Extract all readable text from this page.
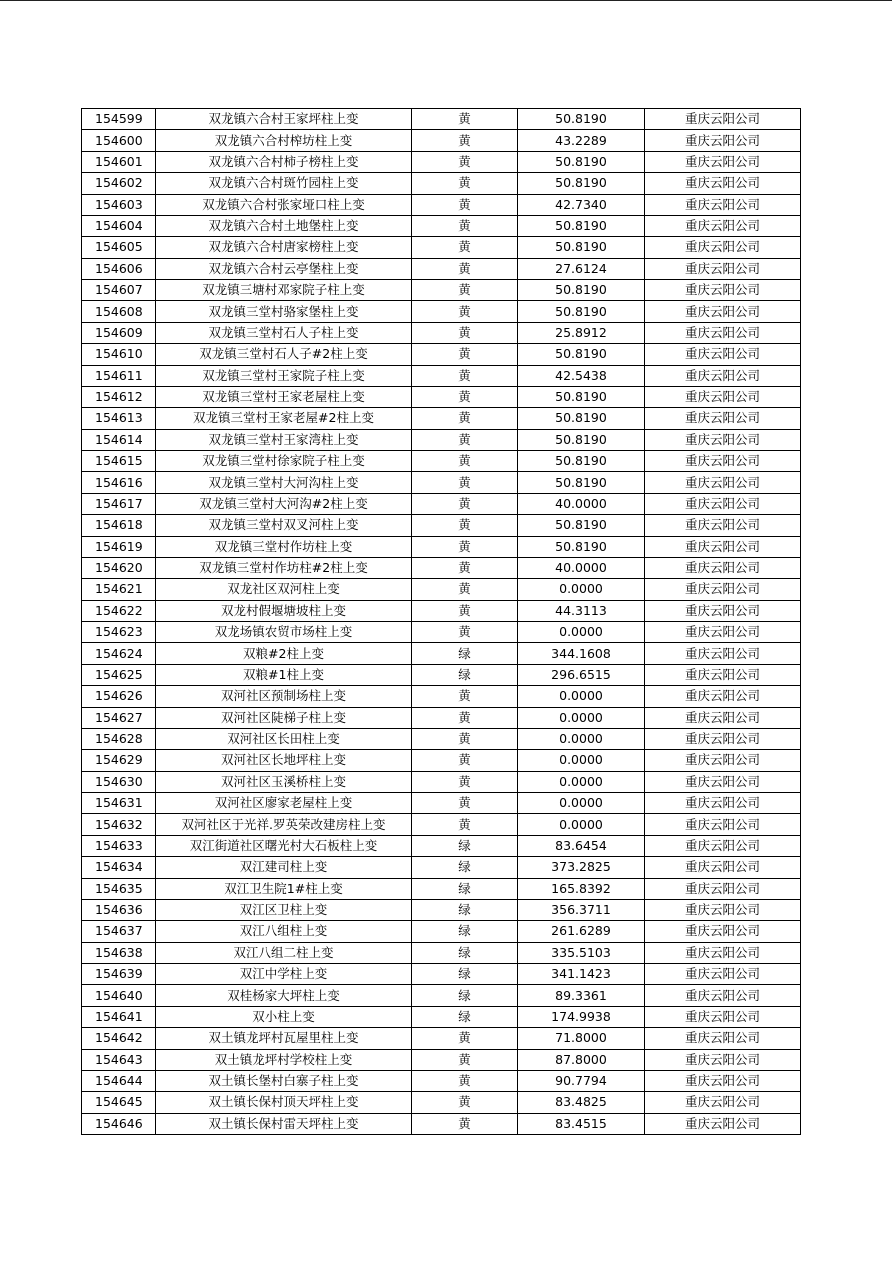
154599	双龙镇六合村王家坪柱上变	黄	50.8190	重庆云阳公司
154600	双龙镇六合村榨坊柱上变	黄	43.2289	重庆云阳公司
154601	双龙镇六合村柿子榜柱上变	黄	50.8190	重庆云阳公司
154602	双龙镇六合村斑竹园柱上变	黄	50.8190	重庆云阳公司
154603	双龙镇六合村张家垭口柱上变	黄	42.7340	重庆云阳公司
154604	双龙镇六合村土地堡柱上变	黄	50.8190	重庆云阳公司
154605	双龙镇六合村唐家榜柱上变	黄	50.8190	重庆云阳公司
154606	双龙镇六合村云亭堡柱上变	黄	27.6124	重庆云阳公司
154607	双龙镇三塘村邓家院子柱上变	黄	50.8190	重庆云阳公司
154608	双龙镇三堂村骆家堡柱上变	黄	50.8190	重庆云阳公司
154609	双龙镇三堂村石人子柱上变	黄	25.8912	重庆云阳公司
154610	双龙镇三堂村石人子#2柱上变	黄	50.8190	重庆云阳公司
154611	双龙镇三堂村王家院子柱上变	黄	42.5438	重庆云阳公司
154612	双龙镇三堂村王家老屋柱上变	黄	50.8190	重庆云阳公司
154613	双龙镇三堂村王家老屋#2柱上变	黄	50.8190	重庆云阳公司
154614	双龙镇三堂村王家湾柱上变	黄	50.8190	重庆云阳公司
154615	双龙镇三堂村徐家院子柱上变	黄	50.8190	重庆云阳公司
154616	双龙镇三堂村大河沟柱上变	黄	50.8190	重庆云阳公司
154617	双龙镇三堂村大河沟#2柱上变	黄	40.0000	重庆云阳公司
154618	双龙镇三堂村双叉河柱上变	黄	50.8190	重庆云阳公司
154619	双龙镇三堂村作坊柱上变	黄	50.8190	重庆云阳公司
154620	双龙镇三堂村作坊柱#2柱上变	黄	40.0000	重庆云阳公司
154621	双龙社区双河柱上变	黄	0.0000	重庆云阳公司
154622	双龙村假堰塘坡柱上变	黄	44.3113	重庆云阳公司
154623	双龙场镇农贸市场柱上变	黄	0.0000	重庆云阳公司
154624	双粮#2柱上变	绿	344.1608	重庆云阳公司
154625	双粮#1柱上变	绿	296.6515	重庆云阳公司
154626	双河社区预制场柱上变	黄	0.0000	重庆云阳公司
154627	双河社区陡梯子柱上变	黄	0.0000	重庆云阳公司
154628	双河社区长田柱上变	黄	0.0000	重庆云阳公司
154629	双河社区长地坪柱上变	黄	0.0000	重庆云阳公司
154630	双河社区玉溪桥柱上变	黄	0.0000	重庆云阳公司
154631	双河社区廖家老屋柱上变	黄	0.0000	重庆云阳公司
154632	双河社区于光祥.罗英荣改建房柱上变	黄	0.0000	重庆云阳公司
154633	双江街道社区曙光村大石板柱上变	绿	83.6454	重庆云阳公司
154634	双江建司柱上变	绿	373.2825	重庆云阳公司
154635	双江卫生院1#柱上变	绿	165.8392	重庆云阳公司
154636	双江区卫柱上变	绿	356.3711	重庆云阳公司
154637	双江八组柱上变	绿	261.6289	重庆云阳公司
154638	双江八组二柱上变	绿	335.5103	重庆云阳公司
154639	双江中学柱上变	绿	341.1423	重庆云阳公司
154640	双桂杨家大坪柱上变	绿	89.3361	重庆云阳公司
154641	双小柱上变	绿	174.9938	重庆云阳公司
154642	双土镇龙坪村瓦屋里柱上变	黄	71.8000	重庆云阳公司
154643	双土镇龙坪村学校柱上变	黄	87.8000	重庆云阳公司
154644	双土镇长堡村白寨子柱上变	黄	90.7794	重庆云阳公司
154645	双土镇长保村顶天坪柱上变	黄	83.4825	重庆云阳公司
154646	双土镇长保村雷天坪柱上变	黄	83.4515	重庆云阳公司
